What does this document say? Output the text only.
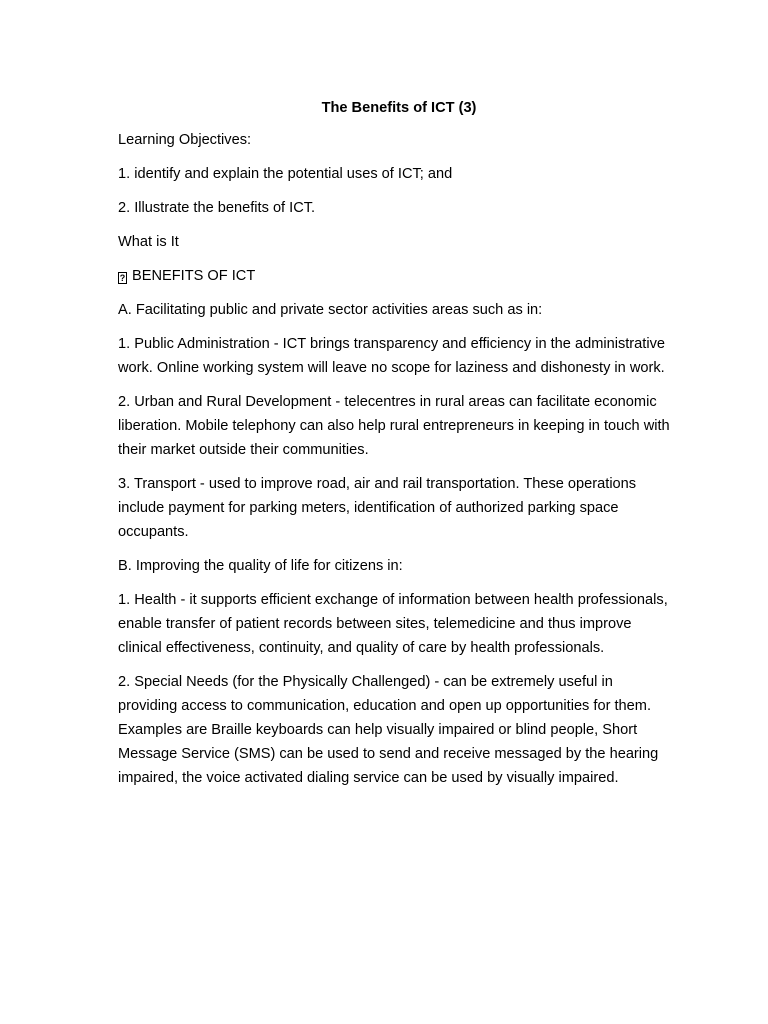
The Benefits of ICT (3)

Learning Objectives:

1. identify and explain the potential uses of ICT; and

2. Illustrate the benefits of ICT.

What is It

? BENEFITS OF ICT

A. Facilitating public and private sector activities areas such as in:

1. Public Administration - ICT brings transparency and efficiency in the administrative work. Online working system will leave no scope for laziness and dishonesty in work.

2. Urban and Rural Development - telecentres in rural areas can facilitate economic liberation. Mobile telephony can also help rural entrepreneurs in keeping in touch with their market outside their communities.

3. Transport - used to improve road, air and rail transportation. These operations include payment for parking meters, identification of authorized parking space occupants.

B. Improving the quality of life for citizens in:

1. Health - it supports efficient exchange of information between health professionals, enable transfer of patient records between sites, telemedicine and thus improve clinical effectiveness, continuity, and quality of care by health professionals.

2. Special Needs (for the Physically Challenged) - can be extremely useful in providing access to communication, education and open up opportunities for them. Examples are Braille keyboards can help visually impaired or blind people, Short Message Service (SMS) can be used to send and receive messaged by the hearing impaired, the voice activated dialing service can be used by visually impaired.
